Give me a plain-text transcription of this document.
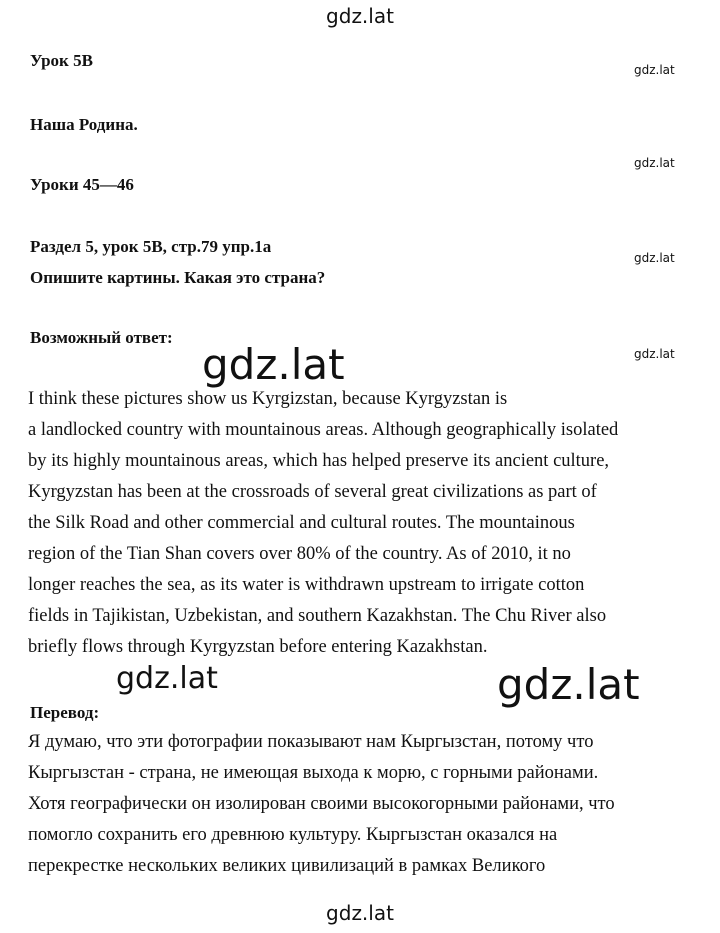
gdz.lat
Урок 5В	gdz.lat
Наша Родина.
gdz.lat
Уроки 45—46
Раздел 5, урок 5В, стр.79 упр.1а
gdz.lat
Опишите картины. Какая это страна?
Возможный ответ:
gdz.lat
I think these pictures show us Kyrgizstan, because Kyrgyzstan is
a landlocked country with mountainous areas. Although geographically isolated
by its highly mountainous areas, which has helped preserve its ancient culture,
Kyrgyzstan has been at the crossroads of several great civilizations as part of
the Silk Road and other commercial and cultural routes. The mountainous
region of the Tian Shan covers over 80% of the country. As of 2010, it no
longer reaches the sea, as its water is withdrawn upstream to irrigate cotton
fields in Tajikistan, Uzbekistan, and southern Kazakhstan. The Chu River also
briefly flows through Kyrgyzstan before entering Kazakhstan.
gdz.lat
gdz.lat	gdz.lat
Перевод:
Я думаю, что эти фотографии показывают нам Кыргызстан, потому что
Кыргызстан - страна, не имеющая выхода к морю, с горными районами.
Хотя географически он изолирован своими высокогорными районами, что
помогло сохранить его древнюю культуру. Кыргызстан оказался на
перекрестке нескольких великих цивилизаций в рамках Великого
gdz.lat
